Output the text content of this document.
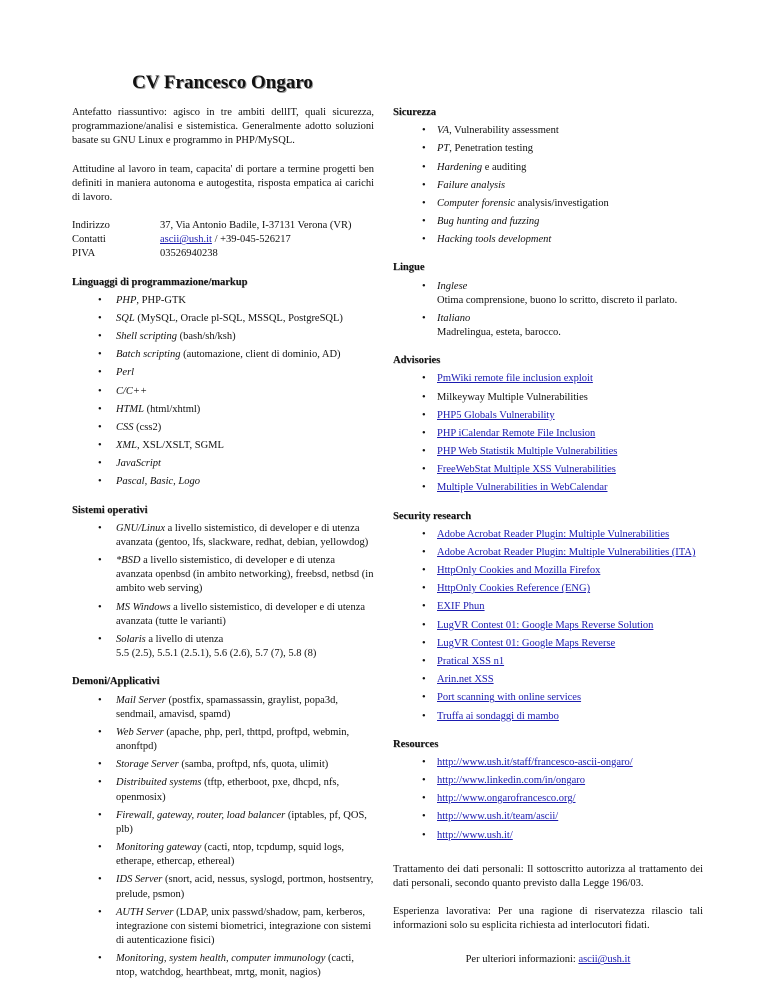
CV Francesco Ongaro

Antefatto riassuntivo: agisco in tre ambiti dellIT, quali sicurezza, programmazione/analisi e sistemistica. Generalmente adotto soluzioni basate su GNU Linux e programmo in PHP/MySQL.

Attitudine al lavoro in team, capacita' di portare a termine progetti ben definiti in maniera autonoma e autogestita, risposta empatica ai carichi di lavoro.

Indirizzo	37, Via Antonio Badile, I-37131 Verona (VR)
Contatti	ascii@ush.it / +39-045-526217
PIVA	03526940238
Linguaggi di programmazione/markup
• PHP, PHP-GTK
• SQL (MySQL, Oracle pl-SQL, MSSQL, PostgreSQL)
• Shell scripting (bash/sh/ksh)
• Batch scripting (automazione, client di dominio, AD)
• Perl
• C/C++
• HTML (html/xhtml)
• CSS (css2)
• XML, XSL/XSLT, SGML
• JavaScript
• Pascal, Basic, Logo
Sistemi operativi
• GNU/Linux a livello sistemistico, di developer e di utenza avanzata (gentoo, lfs, slackware, redhat, debian, yellowdog)
• *BSD a livello sistemistico, di developer e di utenza avanzata openbsd (in ambito networking), freebsd, netbsd (in ambito web serving)
• MS Windows a livello sistemistico, di developer e di utenza avanzata (tutte le varianti)
• Solaris a livello di utenza
5.5 (2.5), 5.5.1 (2.5.1), 5.6 (2.6), 5.7 (7), 5.8 (8)
Demoni/Applicativi
• Mail Server (postfix, spamassassin, graylist, popa3d, sendmail, amavisd, spamd)
• Web Server (apache, php, perl, thttpd, proftpd, webmin, anonftpd)
• Storage Server (samba, proftpd, nfs, quota, ulimit)
• Distribuited systems (tftp, etherboot, pxe, dhcpd, nfs, openmosix)
• Firewall, gateway, router, load balancer (iptables, pf, QOS, plb)
• Monitoring gateway (cacti, ntop, tcpdump, squid logs, etherape, ethercap, ethereal)
• IDS Server (snort, acid, nessus, syslogd, portmon, hostsentry, prelude, psmon)
• AUTH Server (LDAP, unix passwd/shadow, pam, kerberos, integrazione con sistemi biometrici, integrazione con sistemi di autenticazione fisici)
• Monitoring, system health, computer immunology (cacti, ntop, watchdog, hearthbeat, mrtg, monit, nagios)
Sicurezza
• VA, Vulnerability assessment
• PT, Penetration testing
• Hardening e auditing
• Failure analysis
• Computer forensic analysis/investigation
• Bug hunting and fuzzing
• Hacking tools development
Lingue
• Inglese
Otima comprensione, buono lo scritto, discreto il parlato.
• Italiano
Madrelingua, esteta, barocco.
Advisories
• PmWiki remote file inclusion exploit
• Milkeyway Multiple Vulnerabilities
• PHP5 Globals Vulnerability
• PHP iCalendar Remote File Inclusion
• PHP Web Statistik Multiple Vulnerabilities
• FreeWebStat Multiple XSS Vulnerabilities
• Multiple Vulnerabilities in WebCalendar
Security research
• Adobe Acrobat Reader Plugin: Multiple Vulnerabilities
• Adobe Acrobat Reader Plugin: Multiple Vulnerabilities (ITA)
• HttpOnly Cookies and Mozilla Firefox
• HttpOnly Cookies Reference (ENG)
• EXIF Phun
• LugVR Contest 01: Google Maps Reverse Solution
• LugVR Contest 01: Google Maps Reverse
• Pratical XSS n1
• Arin.net XSS
• Port scanning with online services
• Truffa ai sondaggi di mambo
Resources
• http://www.ush.it/staff/francesco-ascii-ongaro/
• http://www.linkedin.com/in/ongaro
• http://www.ongarofrancesco.org/
• http://www.ush.it/team/ascii/
• http://www.ush.it/

Trattamento dei dati personali: Il sottoscritto autorizza al trattamento dei dati personali, secondo quanto previsto dalla Legge 196/03.

Esperienza lavorativa: Per una ragione di riservatezza rilascio tali informazioni solo su esplicita richiesta ad interlocutori fidati.

Per ulteriori informazioni: ascii@ush.it
